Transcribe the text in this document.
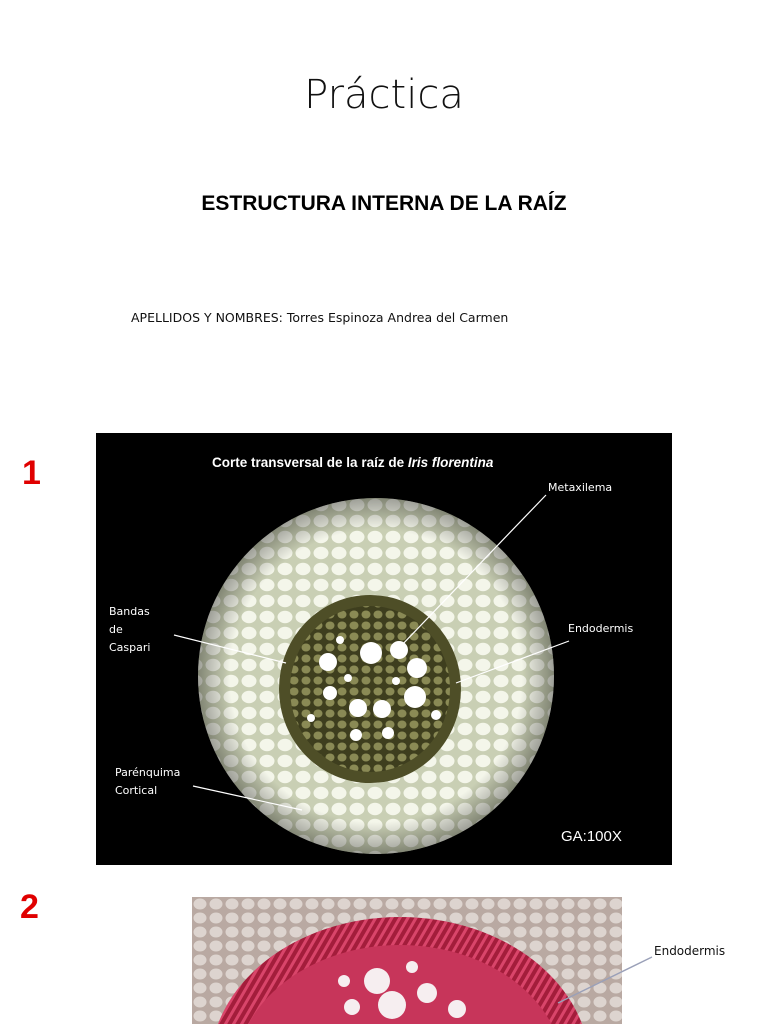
Práctica
ESTRUCTURA INTERNA DE LA RAÍZ
APELLIDOS Y NOMBRES: Torres Espinoza Andrea del Carmen
1	Corte transversal de la raíz de Iris florentina
Metaxilema
Bandas
de
Caspari
Endodermis
Parénquima
Cortical
GA:100X
2
Endodermis
